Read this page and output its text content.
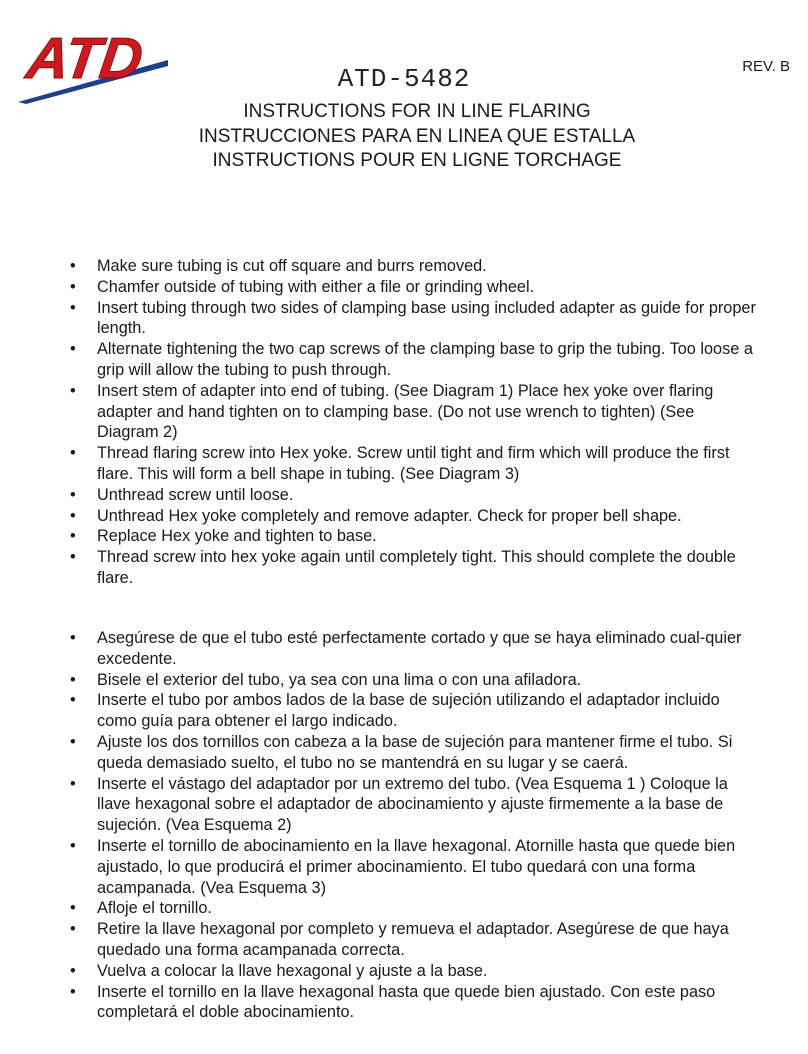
ATD	REV. B
ATD-5482
INSTRUCTIONS FOR IN LINE FLARING
INSTRUCCIONES PARA EN LINEA QUE ESTALLA
INSTRUCTIONS POUR EN LIGNE TORCHAGE
• Make sure tubing is cut off square and burrs removed.
• Chamfer outside of tubing with either a file or grinding wheel.
• Insert tubing through two sides of clamping base using included adapter as guide for proper length.
• Alternate tightening the two cap screws of the clamping base to grip the tubing. Too loose a grip will allow the tubing to push through.
• Insert stem of adapter into end of tubing. (See Diagram 1) Place hex yoke over flaring adapter and hand tighten on to clamping base. (Do not use wrench to tighten) (See Diagram 2)
• Thread flaring screw into Hex yoke. Screw until tight and firm which will produce the first flare. This will form a bell shape in tubing. (See Diagram 3)
• Unthread screw until loose.
• Unthread Hex yoke completely and remove adapter. Check for proper bell shape.
• Replace Hex yoke and tighten to base.
• Thread screw into hex yoke again until completely tight. This should complete the double flare.
• Asegúrese de que el tubo esté perfectamente cortado y que se haya eliminado cual-quier excedente.
• Bisele el exterior del tubo, ya sea con una lima o con una afiladora.
• Inserte el tubo por ambos lados de la base de sujeción utilizando el adaptador incluido como guía para obtener el largo indicado.
• Ajuste los dos tornillos con cabeza a la base de sujeción para mantener firme el tubo. Si queda demasiado suelto, el tubo no se mantendrá en su lugar y se caerá.
• Inserte el vástago del adaptador por un extremo del tubo. (Vea Esquema 1 ) Coloque la llave hexagonal sobre el adaptador de abocinamiento y ajuste firmemente a la base de sujeción. (Vea Esquema 2)
• Inserte el tornillo de abocinamiento en la llave hexagonal. Atornille hasta que quede bien ajustado, lo que producirá el primer abocinamiento. El tubo quedará con una forma acampanada. (Vea Esquema 3)
• Afloje el tornillo.
• Retire la llave hexagonal por completo y remueva el adaptador. Asegúrese de que haya quedado una forma acampanada correcta.
• Vuelva a colocar la llave hexagonal y ajuste a la base.
• Inserte el tornillo en la llave hexagonal hasta que quede bien ajustado. Con este paso completará el doble abocinamiento.
